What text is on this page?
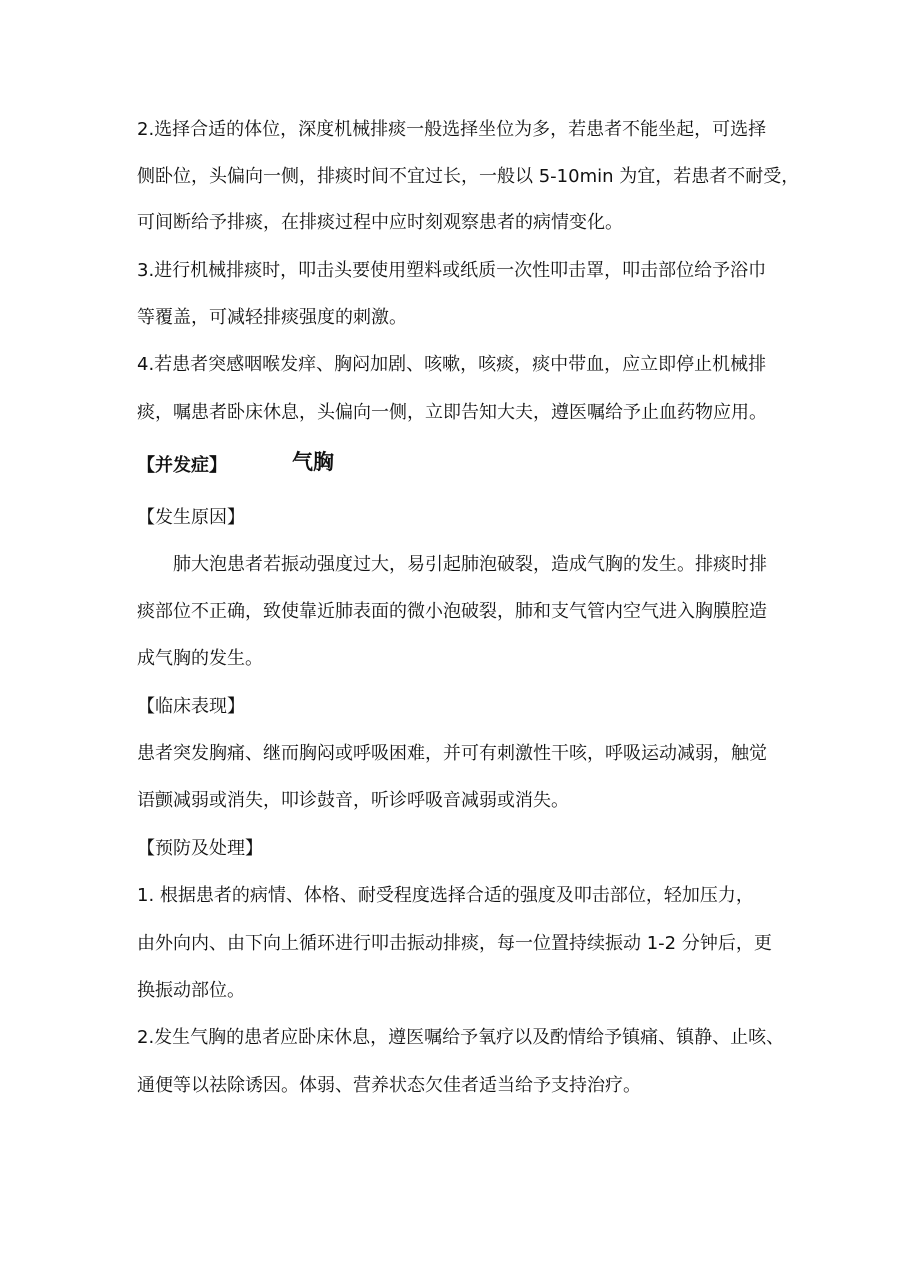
2.选择合适的体位，深度机械排痰一般选择坐位为多，若患者不能坐起，可选择
侧卧位，头偏向一侧，排痰时间不宜过长，一般以 5-10min 为宜，若患者不耐受，
可间断给予排痰，在排痰过程中应时刻观察患者的病情变化。
3.进行机械排痰时，叩击头要使用塑料或纸质一次性叩击罩，叩击部位给予浴巾
等覆盖，可减轻排痰强度的刺激。
4.若患者突感咽喉发痒、胸闷加剧、咳嗽，咳痰，痰中带血，应立即停止机械排
痰，嘱患者卧床休息，头偏向一侧，立即告知大夫，遵医嘱给予止血药物应用。
【并发症】	气胸
【发生原因】
肺大泡患者若振动强度过大，易引起肺泡破裂，造成气胸的发生。排痰时排
痰部位不正确，致使靠近肺表面的微小泡破裂，肺和支气管内空气进入胸膜腔造
成气胸的发生。
【临床表现】
患者突发胸痛、继而胸闷或呼吸困难，并可有刺激性干咳，呼吸运动减弱，触觉
语颤减弱或消失，叩诊鼓音，听诊呼吸音减弱或消失。
【预防及处理】
1. 根据患者的病情、体格、耐受程度选择合适的强度及叩击部位，轻加压力，
由外向内、由下向上循环进行叩击振动排痰，每一位置持续振动 1-2 分钟后，更
换振动部位。
2.发生气胸的患者应卧床休息，遵医嘱给予氧疗以及酌情给予镇痛、镇静、止咳、
通便等以祛除诱因。体弱、营养状态欠佳者适当给予支持治疗。
